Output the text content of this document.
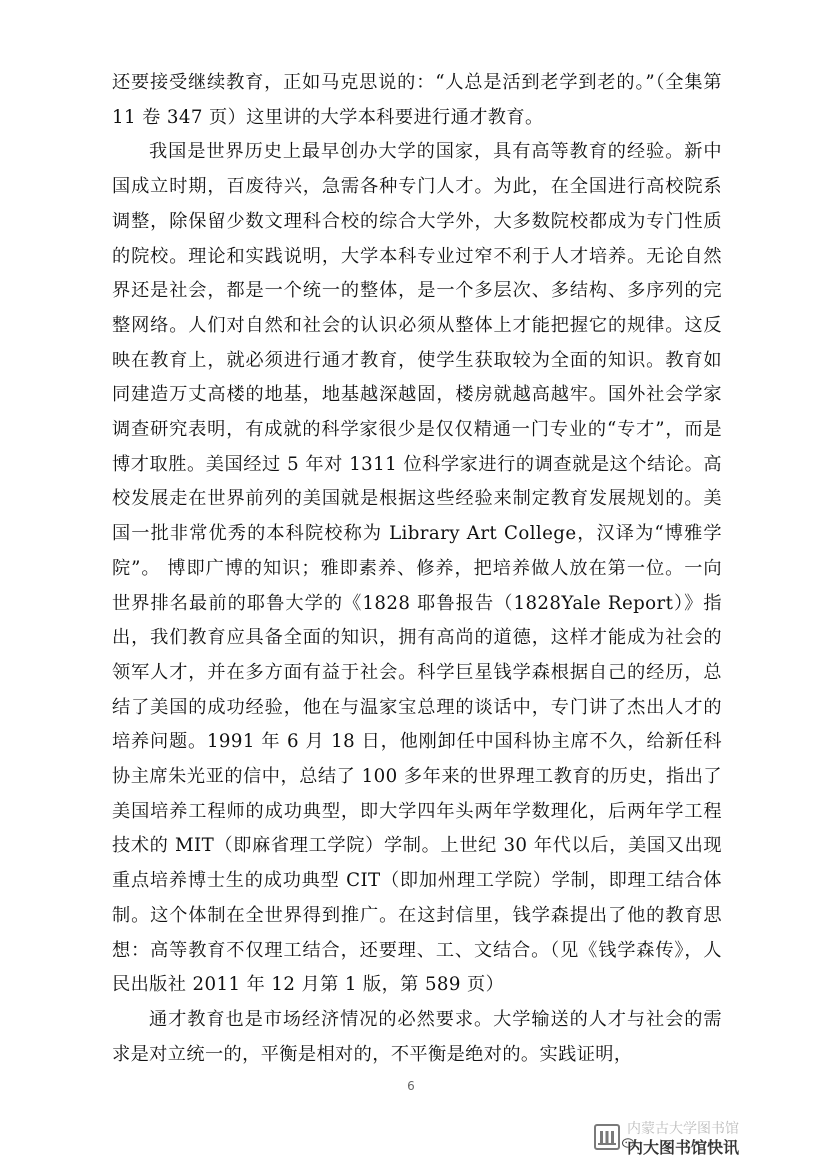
还要接受继续教育，正如马克思说的：“人总是活到老学到老的。”（全集第 11 卷 347 页）这里讲的大学本科要进行通才教育。

我国是世界历史上最早创办大学的国家，具有高等教育的经验。新中国成立时期，百废待兴，急需各种专门人才。为此，在全国进行高校院系调整，除保留少数文理科合校的综合大学外，大多数院校都成为专门性质的院校。理论和实践说明，大学本科专业过窄不利于人才培养。无论自然界还是社会，都是一个统一的整体，是一个多层次、多结构、多序列的完整网络。人们对自然和社会的认识必须从整体上才能把握它的规律。这反映在教育上，就必须进行通才教育，使学生获取较为全面的知识。教育如同建造万丈高楼的地基，地基越深越固，楼房就越高越牢。国外社会学家调查研究表明，有成就的科学家很少是仅仅精通一门专业的“专才”，而是博才取胜。美国经过 5 年对 1311 位科学家进行的调查就是这个结论。高校发展走在世界前列的美国就是根据这些经验来制定教育发展规划的。美国一批非常优秀的本科院校称为 Library Art College，汉译为“博雅学院”。 博即广博的知识；雅即素养、修养，把培养做人放在第一位。一向世界排名最前的耶鲁大学的《1828 耶鲁报告（1828Yale Report）》指出，我们教育应具备全面的知识，拥有高尚的道德，这样才能成为社会的领军人才，并在多方面有益于社会。科学巨星钱学森根据自己的经历，总结了美国的成功经验，他在与温家宝总理的谈话中，专门讲了杰出人才的培养问题。1991 年 6 月 18 日，他刚卸任中国科协主席不久，给新任科协主席朱光亚的信中，总结了 100 多年来的世界理工教育的历史，指出了美国培养工程师的成功典型，即大学四年头两年学数理化，后两年学工程技术的 MIT（即麻省理工学院）学制。上世纪 30 年代以后，美国又出现重点培养博士生的成功典型 CIT（即加州理工学院）学制，即理工结合体制。这个体制在全世界得到推广。在这封信里，钱学森提出了他的教育思想：高等教育不仅理工结合，还要理、工、文结合。（见《钱学森传》，人民出版社 2011 年 12 月第 1 版，第 589 页）

通才教育也是市场经济情况的必然要求。大学输送的人才与社会的需求是对立统一的，平衡是相对的，不平衡是绝对的。实践证明，

6
内蒙古大学图书馆
内大图书馆快讯
